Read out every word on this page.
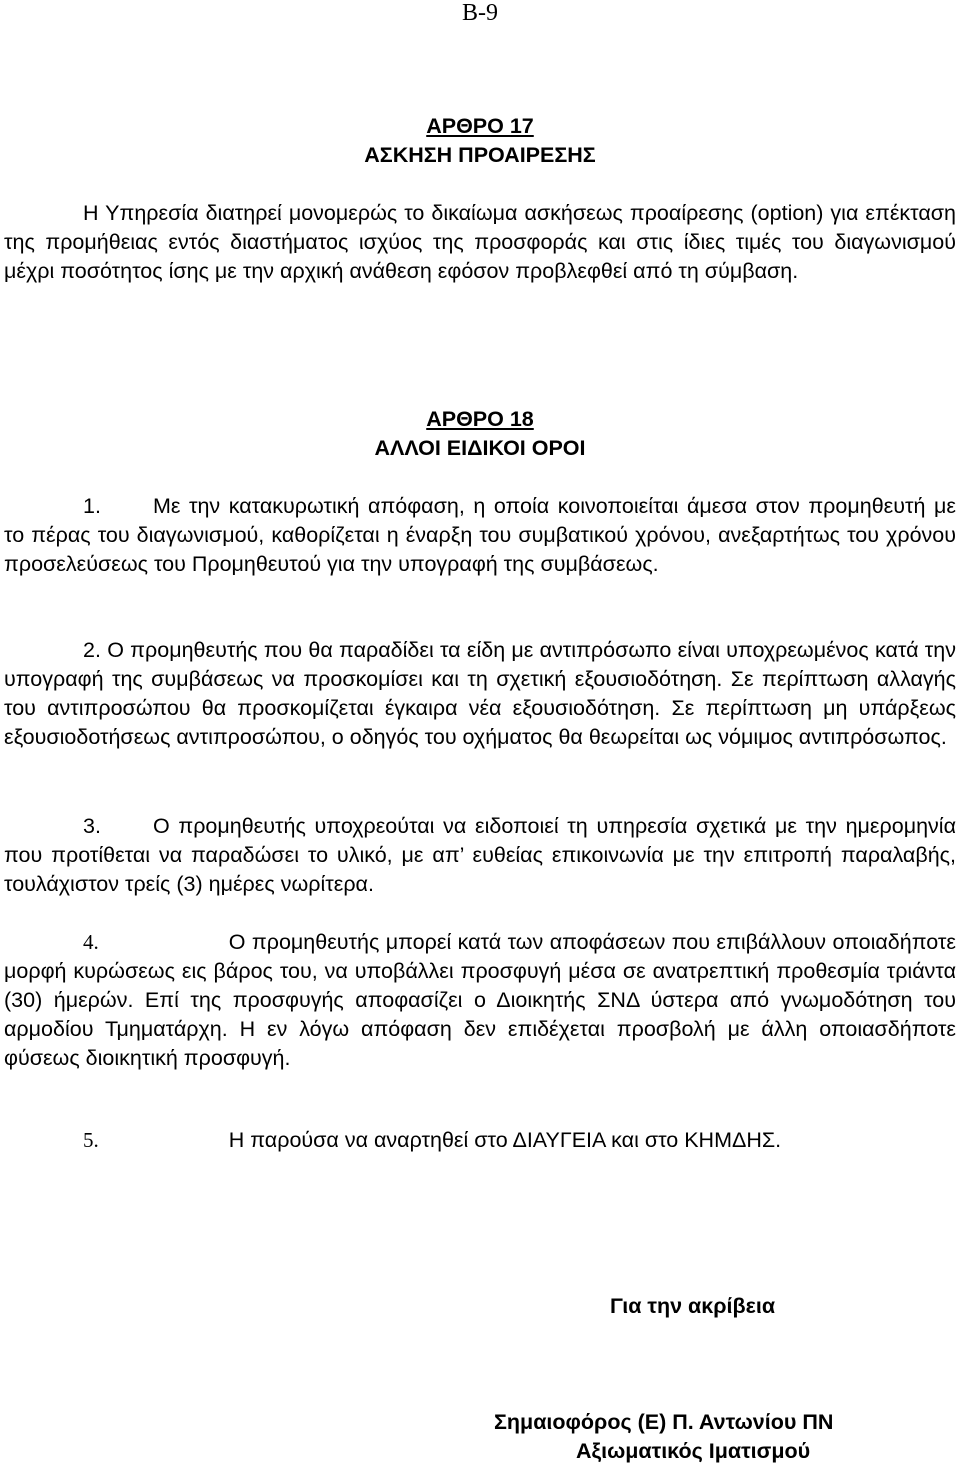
Β-9
ΑΡΘΡΟ 17
ΑΣΚΗΣΗ ΠΡΟΑΙΡΕΣΗΣ

Η Υπηρεσία διατηρεί μονομερώς το δικαίωμα ασκήσεως προαίρεσης (option) για επέκταση της προμήθειας εντός διαστήματος ισχύος της προσφοράς και στις ίδιες τιμές του διαγωνισμού μέχρι ποσότητος ίσης με την αρχική ανάθεση εφόσον προβλεφθεί από τη σύμβαση.

ΑΡΘΡΟ 18
ΑΛΛΟΙ ΕΙΔΙΚΟΙ ΟΡΟΙ

1. Με την κατακυρωτική απόφαση, η οποία κοινοποιείται άμεσα στον προμηθευτή με το πέρας του διαγωνισμού, καθορίζεται η έναρξη του συμβατικού χρόνου, ανεξαρτήτως του χρόνου προσελεύσεως του Προμηθευτού για την υπογραφή της συμβάσεως.

2. Ο προμηθευτής που θα παραδίδει τα είδη με αντιπρόσωπο είναι υποχρεωμένος κατά την υπογραφή της συμβάσεως να προσκομίσει και τη σχετική εξουσιοδότηση. Σε περίπτωση αλλαγής του αντιπροσώπου θα προσκομίζεται έγκαιρα νέα εξουσιοδότηση. Σε περίπτωση μη υπάρξεως εξουσιοδοτήσεως αντιπροσώπου, ο οδηγός του οχήματος θα θεωρείται ως νόμιμος αντιπρόσωπος.

3. Ο προμηθευτής υποχρεούται να ειδοποιεί τη υπηρεσία σχετικά με την ημερομηνία που προτίθεται να παραδώσει το υλικό, με απ’ ευθείας επικοινωνία με την επιτροπή παραλαβής, τουλάχιστον τρείς (3) ημέρες νωρίτερα.

4.	Ο προμηθευτής μπορεί κατά των αποφάσεων που επιβάλλουν οποιαδήποτε μορφή κυρώσεως εις βάρος του, να υποβάλλει προσφυγή μέσα σε ανατρεπτική προθεσμία τριάντα (30) ήμερών. Επί της προσφυγής αποφασίζει ο Διοικητής ΣΝΔ ύστερα από γνωμοδότηση του αρμοδίου Τμηματάρχη. Η εν λόγω απόφαση δεν επιδέχεται προσβολή με άλλη οποιασδήποτε φύσεως διοικητική προσφυγή.

5.	Η παρούσα να αναρτηθεί στο ΔΙΑΥΓΕΙΑ και στο ΚΗΜΔΗΣ.

Για την ακρίβεια
Σημαιοφόρος (Ε) Π. Αντωνίου ΠΝ
Αξιωματικός Ιματισμού
